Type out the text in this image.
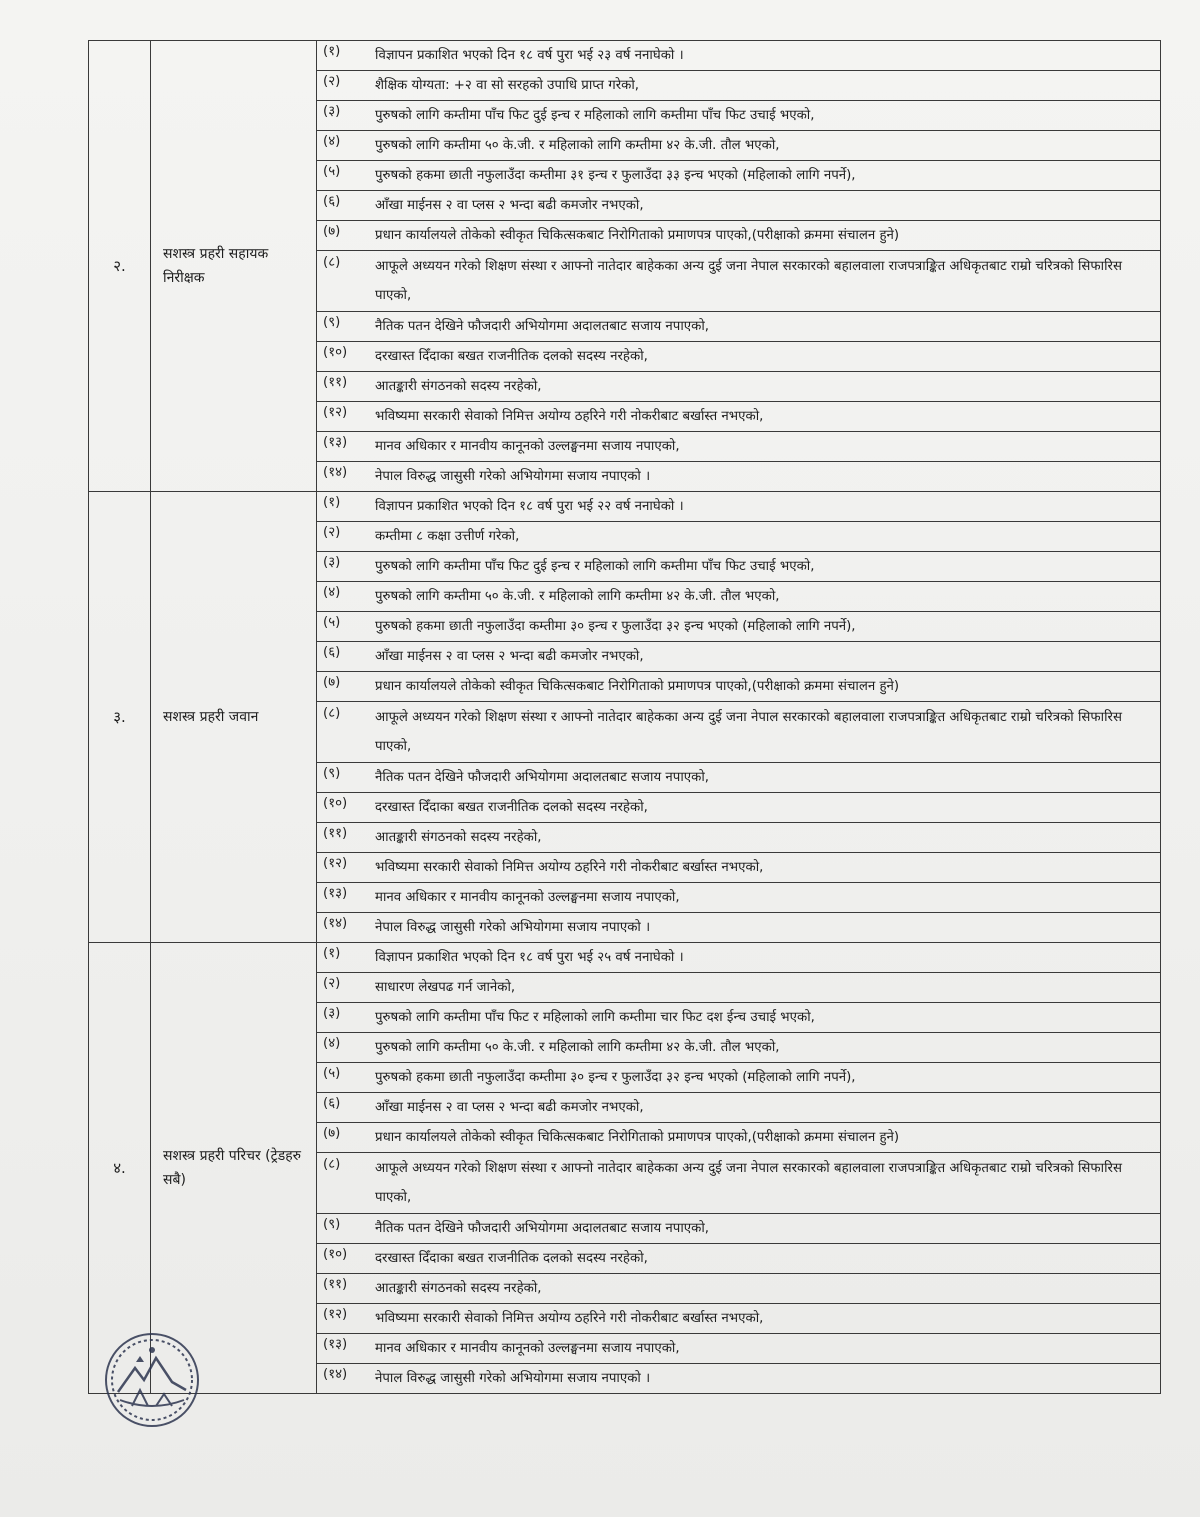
२.	सशस्त्र प्रहरी सहायक निरीक्षक	(१) विज्ञापन प्रकाशित भएको दिन १८ वर्ष पुरा भई २३ वर्ष ननाघेको ।

		(२) शैक्षिक योग्यता: +२ वा सो सरहको उपाधि प्राप्त गरेको,

		(३) पुरुषको लागि कम्तीमा पाँच फिट दुई इन्च र महिलाको लागि कम्तीमा पाँच फिट उचाई भएको,

		(४) पुरुषको लागि कम्तीमा ५० के.जी. र महिलाको लागि कम्तीमा ४२ के.जी. तौल भएको,

		(५) पुरुषको हकमा छाती नफुलाउँदा कम्तीमा ३१ इन्च र फुलाउँदा ३३ इन्च भएको (महिलाको लागि नपर्ने),

		(६) आँखा माईनस २ वा प्लस २ भन्दा बढी कमजोर नभएको,

		(७) प्रधान कार्यालयले तोकेको स्वीकृत चिकित्सकबाट निरोगिताको प्रमाणपत्र पाएको,(परीक्षाको क्रममा संचालन हुने)

		(८) आफूले अध्ययन गरेको शिक्षण संस्था र आफ्नो नातेदार बाहेकका अन्य दुई जना नेपाल सरकारको बहालवाला राजपत्राङ्कित अधिकृतबाट राम्रो चरित्रको सिफारिस पाएको,

		(९) नैतिक पतन देखिने फौजदारी अभियोगमा अदालतबाट सजाय नपाएको,

		(१०) दरखास्त दिँदाका बखत राजनीतिक दलको सदस्य नरहेको,

		(११) आतङ्कारी संगठनको सदस्य नरहेको,

		(१२) भविष्यमा सरकारी सेवाको निमित्त अयोग्य ठहरिने गरी नोकरीबाट बर्खास्त नभएको,

		(१३) मानव अधिकार र मानवीय कानूनको उल्लङ्घनमा सजाय नपाएको,

		(१४) नेपाल विरुद्ध जासुसी गरेको अभियोगमा सजाय नपाएको ।

३.	सशस्त्र प्रहरी जवान	(१) विज्ञापन प्रकाशित भएको दिन १८ वर्ष पुरा भई २२ वर्ष ननाघेको ।

		(२) कम्तीमा ८ कक्षा उत्तीर्ण गरेको,

		(३) पुरुषको लागि कम्तीमा पाँच फिट दुई इन्च र महिलाको लागि कम्तीमा पाँच फिट उचाई भएको,

		(४) पुरुषको लागि कम्तीमा ५० के.जी. र महिलाको लागि कम्तीमा ४२ के.जी. तौल भएको,

		(५) पुरुषको हकमा छाती नफुलाउँदा कम्तीमा ३० इन्च र फुलाउँदा ३२ इन्च भएको (महिलाको लागि नपर्ने),

		(६) आँखा माईनस २ वा प्लस २ भन्दा बढी कमजोर नभएको,

		(७) प्रधान कार्यालयले तोकेको स्वीकृत चिकित्सकबाट निरोगिताको प्रमाणपत्र पाएको,(परीक्षाको क्रममा संचालन हुने)

		(८) आफूले अध्ययन गरेको शिक्षण संस्था र आफ्नो नातेदार बाहेकका अन्य दुई जना नेपाल सरकारको बहालवाला राजपत्राङ्कित अधिकृतबाट राम्रो चरित्रको सिफारिस पाएको,

		(९) नैतिक पतन देखिने फौजदारी अभियोगमा अदालतबाट सजाय नपाएको,

		(१०) दरखास्त दिँदाका बखत राजनीतिक दलको सदस्य नरहेको,

		(११) आतङ्कारी संगठनको सदस्य नरहेको,

		(१२) भविष्यमा सरकारी सेवाको निमित्त अयोग्य ठहरिने गरी नोकरीबाट बर्खास्त नभएको,

		(१३) मानव अधिकार र मानवीय कानूनको उल्लङ्घनमा सजाय नपाएको,

		(१४) नेपाल विरुद्ध जासुसी गरेको अभियोगमा सजाय नपाएको ।

४.	सशस्त्र प्रहरी परिचर (ट्रेडहरु सबै)	(१) विज्ञापन प्रकाशित भएको दिन १८ वर्ष पुरा भई २५ वर्ष ननाघेको ।

		(२) साधारण लेखपढ गर्न जानेको,

		(३) पुरुषको लागि कम्तीमा पाँच फिट र महिलाको लागि कम्तीमा चार फिट दश ईन्च उचाई भएको,

		(४) पुरुषको लागि कम्तीमा ५० के.जी. र महिलाको लागि कम्तीमा ४२ के.जी. तौल भएको,

		(५) पुरुषको हकमा छाती नफुलाउँदा कम्तीमा ३० इन्च र फुलाउँदा ३२ इन्च भएको (महिलाको लागि नपर्ने),

		(६) आँखा माईनस २ वा प्लस २ भन्दा बढी कमजोर नभएको,

		(७) प्रधान कार्यालयले तोकेको स्वीकृत चिकित्सकबाट निरोगिताको प्रमाणपत्र पाएको,(परीक्षाको क्रममा संचालन हुने)

		(८) आफूले अध्ययन गरेको शिक्षण संस्था र आफ्नो नातेदार बाहेकका अन्य दुई जना नेपाल सरकारको बहालवाला राजपत्राङ्कित अधिकृतबाट राम्रो चरित्रको सिफारिस पाएको,

		(९) नैतिक पतन देखिने फौजदारी अभियोगमा अदालतबाट सजाय नपाएको,

		(१०) दरखास्त दिँदाका बखत राजनीतिक दलको सदस्य नरहेको,

		(११) आतङ्कारी संगठनको सदस्य नरहेको,

		(१२) भविष्यमा सरकारी सेवाको निमित्त अयोग्य ठहरिने गरी नोकरीबाट बर्खास्त नभएको,

		(१३) मानव अधिकार र मानवीय कानूनको उल्लङ्घनमा सजाय नपाएको,

		(१४) नेपाल विरुद्ध जासुसी गरेको अभियोगमा सजाय नपाएको ।
